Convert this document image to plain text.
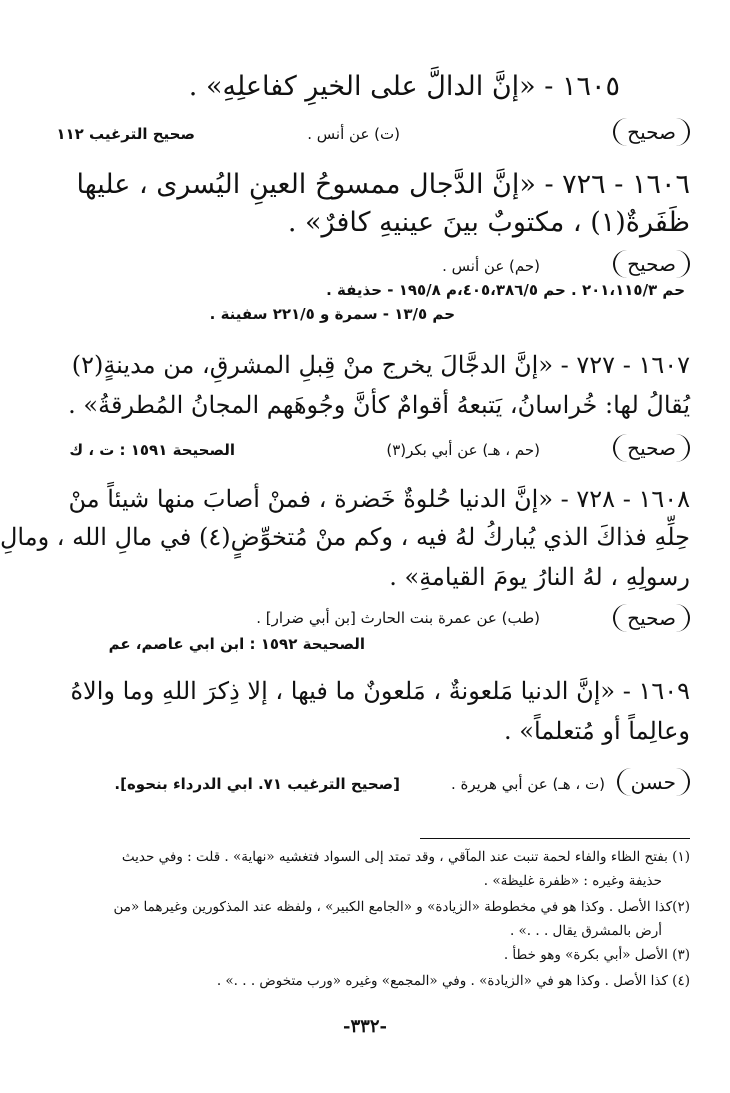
١٦٠٥ - «إنَّ الدالَّ على الخيرِ كفاعلِهِ» .
صحيح
(ت) عن أنس .
صحيح الترغيب ١١٢
١٦٠٦ - ٧٢٦ - «إنَّ الدَّجال ممسوحُ العينِ اليُسرى ، عليها
ظَفَرةٌ(١) ، مكتوبٌ بينَ عينيهِ كافرٌ» .
صحيح
(حم) عن أنس .
حم ٢٠١،١١٥/٣ . حم ٤٠٥،٣٨٦/٥،م ١٩٥/٨ - حذيفة .
حم ١٣/٥ - سمرة و ٢٢١/٥ سفينة .
١٦٠٧ - ٧٢٧ - «إنَّ الدجَّالَ يخرج منْ قِبلِ المشرقِ، من مدينةٍ(٢)
يُقالُ لها: خُراسانُ، يَتبعهُ أقوامٌ كأنَّ وجُوهَهم المجانُ المُطرقةُ» .
صحيح
(حم ، هـ) عن أبي بكر(٣)
الصحيحة ١٥٩١ : ت ، ك
١٦٠٨ - ٧٢٨ - «إنَّ الدنيا حُلوةٌ خَضرة ، فمنْ أصابَ منها شيئاً منْ
حِلِّهِ فذاكَ الذي يُباركُ لهُ فيه ، وكم منْ مُتخوِّضٍ(٤) في مالِ الله ، ومالِ
رسولِهِ ، لهُ النارُ يومَ القيامةِ» .
صحيح
(طب) عن عمرة بنت الحارث [بن أبي ضرار] .
الصحيحة ١٥٩٢ : ابن ابي عاصم، عم
١٦٠٩ - «إنَّ الدنيا مَلعونةٌ ، مَلعونٌ ما فيها ، إلا ذِكرَ اللهِ وما والاهُ
وعالِماً أو مُتعلماً» .
حسن
(ت ، هـ) عن أبي هريرة .
[صحيح الترغيب ٧١. ابي الدرداء بنحوه].
(١) بفتح الظاء والفاء لحمة تنبت عند المآقي ، وقد تمتد إلى السواد فتغشيه «نهاية» . قلت : وفي حديث
حذيفة وغيره : «ظفرة غليظة» .
(٢)كذا الأصل . وكذا هو في مخطوطة «الزيادة» و «الجامع الكبير» ، ولفظه عند المذكورين وغيرهما «من
أرض بالمشرق يقال . . .» .
(٣) الأصل «أبي بكرة» وهو خطأ .
(٤) كذا الأصل . وكذا هو في «الزيادة» . وفي «المجمع» وغيره «ورب متخوض . . .» .
-٣٣٢-
